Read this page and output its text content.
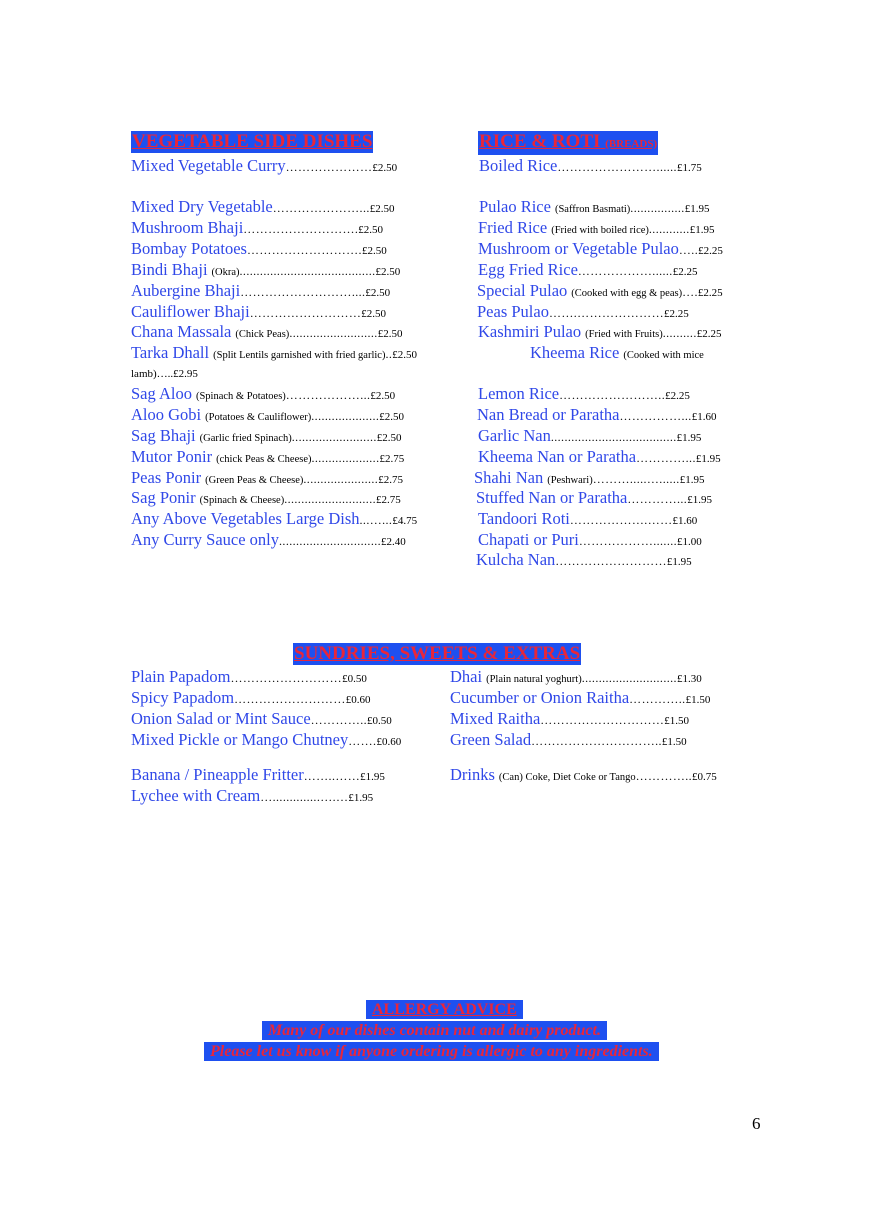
VEGETABLE SIDE DISHES	RICE & ROTI (BREADS)
Mixed Vegetable Curry…………………£2.50
Mixed Dry Vegetable…………………...£2.50
Mushroom Bhaji……………………….£2.50
Bombay Potatoes……………………….£2.50
Bindi Bhaji (Okra)........................................£2.50
Aubergine Bhaji………………………....£2.50
Cauliflower Bhaji………………………£2.50
Chana Massala (Chick Peas)..........................£2.50
Tarka Dhall (Split Lentils garnished with fried garlic)..£2.50
Sag Aloo (Spinach & Potatoes)………………...£2.50
Aloo Gobi (Potatoes & Cauliflower)....................£2.50
Sag Bhaji (Garlic fried Spinach).........................£2.50
Mutor Ponir (chick Peas & Cheese)....................£2.75
Peas Ponir (Green Peas & Cheese)......................£2.75
Sag Ponir (Spinach & Cheese)...........................£2.75
Any Above Vegetables Large Dish...…...£4.75
Any Curry Sauce only..............................£2.40
Boiled Rice……………………......£1.75
Pulao Rice (Saffron Basmati)................£1.95
Fried Rice (Fried with boiled rice)............£1.95
Mushroom or Vegetable Pulao…..£2.25
Egg Fried Rice………………......£2.25
Special Pulao (Cooked with egg & peas)….£2.25
Peas Pulao…….…………………£2.25
Kashmiri Pulao (Fried with Fruits)..........£2.25
Kheema Rice (Cooked with mice
Lemon Rice……………………..£2.25
Nan Bread or Paratha……………...£1.60
Garlic Nan.....................................£1.95
Kheema Nan or Paratha…………...£1.95
Shahi Nan (Peshwari)……….....…......£1.95
Stuffed Nan or Paratha…………...£1.95
Tandoori Roti……………….……£1.60
Chapati or Puri……………….......£1.00
Kulcha Nan………………………£1.95
lamb)…..£2.95
SUNDRIES, SWEETS & EXTRAS
Plain Papadom………………………£0.50
Spicy Papadom………………………£0.60
Onion Salad or Mint Sauce…………..£0.50
Mixed Pickle or Mango Chutney…….£0.60
Banana / Pineapple Fritter……..……£1.95
Lychee with Cream…..............….…£1.95
Dhai (Plain natural yoghurt)............................£1.30
Cucumber or Onion Raitha…………..£1.50
Mixed Raitha…………………………£1.50
Green Salad…………………………..£1.50
Drinks (Can) Coke, Diet Coke or Tango…………..£0.75
ALLERGY ADVICE
Many of our dishes contain nut and dairy product.
Please let us know if anyone ordering is allergic to any ingredients.
6
